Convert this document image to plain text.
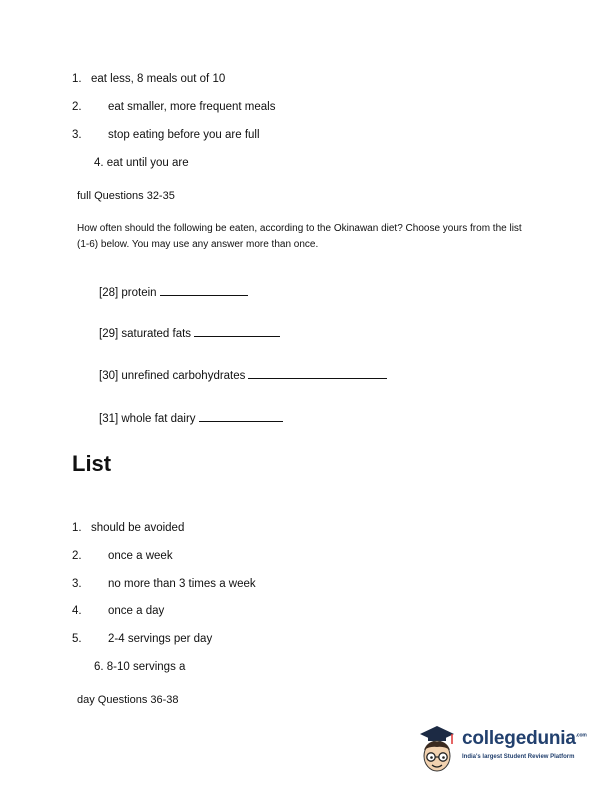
1. eat less, 8 meals out of 10
2. eat smaller, more frequent meals
3. stop eating before you are full
4. eat until you are
full Questions 32-35
How often should the following be eaten, according to the Okinawan diet? Choose yours from the list (1-6) below. You may use any answer more than once.
[28] protein
[29] saturated fats
[30] unrefined carbohydrates
[31] whole fat dairy
List
1. should be avoided
2. once a week
3. no more than 3 times a week
4. once a day
5. 2-4 servings per day
6. 8-10 servings a
day Questions 36-38
collegedunia$^{.com}$
India's largest Student Review Platform
